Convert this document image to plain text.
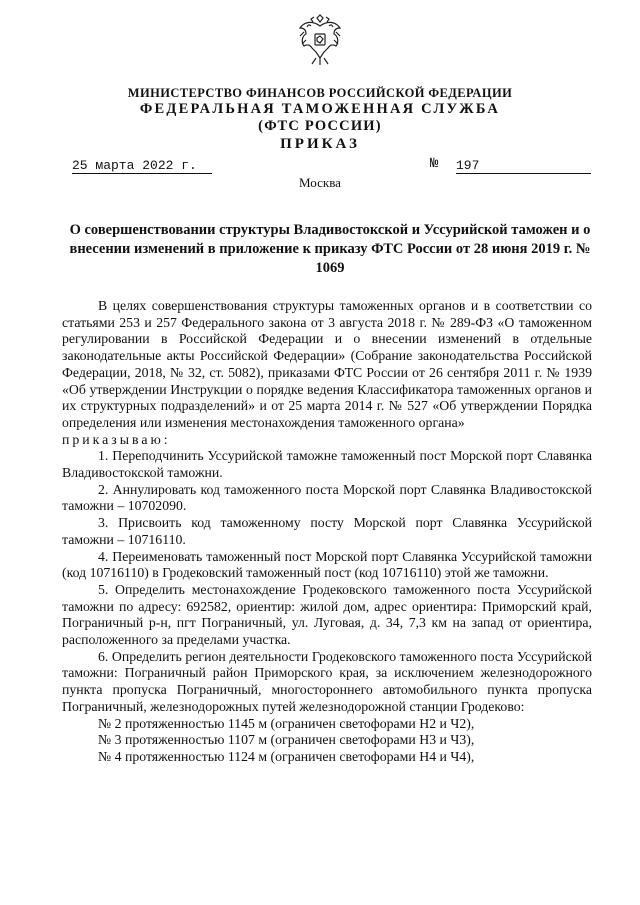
МИНИСТЕРСТВО ФИНАНСОВ РОССИЙСКОЙ ФЕДЕРАЦИИ
ФЕДЕРАЛЬНАЯ ТАМОЖЕННАЯ СЛУЖБА
(ФТС РОССИИ)
ПРИКАЗ
25 марта 2022 г.	№ 197
Москва
О совершенствовании структуры Владивостокской и Уссурийской таможен и о внесении изменений в приложение к приказу ФТС России от 28 июня 2019 г. № 1069

В целях совершенствования структуры таможенных органов и в соответствии со статьями 253 и 257 Федерального закона от 3 августа 2018 г. № 289-ФЗ «О таможенном регулировании в Российской Федерации и о внесении изменений в отдельные законодательные акты Российской Федерации» (Собрание законодательства Российской Федерации, 2018, № 32, ст. 5082), приказами ФТС России от 26 сентября 2011 г. № 1939 «Об утверждении Инструкции о порядке ведения Классификатора таможенных органов и их структурных подразделений» и от 25 марта 2014 г. № 527 «Об утверждении Порядка определения или изменения местонахождения таможенного органа»

приказываю:

1. Переподчинить Уссурийской таможне таможенный пост Морской порт Славянка Владивостокской таможни.

2. Аннулировать код таможенного поста Морской порт Славянка Владивостокской таможни – 10702090.

3. Присвоить код таможенному посту Морской порт Славянка Уссурийской таможни – 10716110.

4. Переименовать таможенный пост Морской порт Славянка Уссурийской таможни (код 10716110) в Гродековский таможенный пост (код 10716110) этой же таможни.

5. Определить местонахождение Гродековского таможенного поста Уссурийской таможни по адресу: 692582, ориентир: жилой дом, адрес ориентира: Приморский край, Пограничный р-н, пгт Пограничный, ул. Луговая, д. 34, 7,3 км на запад от ориентира, расположенного за пределами участка.

6. Определить регион деятельности Гродековского таможенного поста Уссурийской таможни: Пограничный район Приморского края, за исключением железнодорожного пункта пропуска Пограничный, многостороннего автомобильного пункта пропуска Пограничный, железнодорожных путей железнодорожной станции Гродеково:

№ 2 протяженностью 1145 м (ограничен светофорами Н2 и Ч2),

№ 3 протяженностью 1107 м (ограничен светофорами Н3 и Ч3),

№ 4 протяженностью 1124 м (ограничен светофорами Н4 и Ч4),
